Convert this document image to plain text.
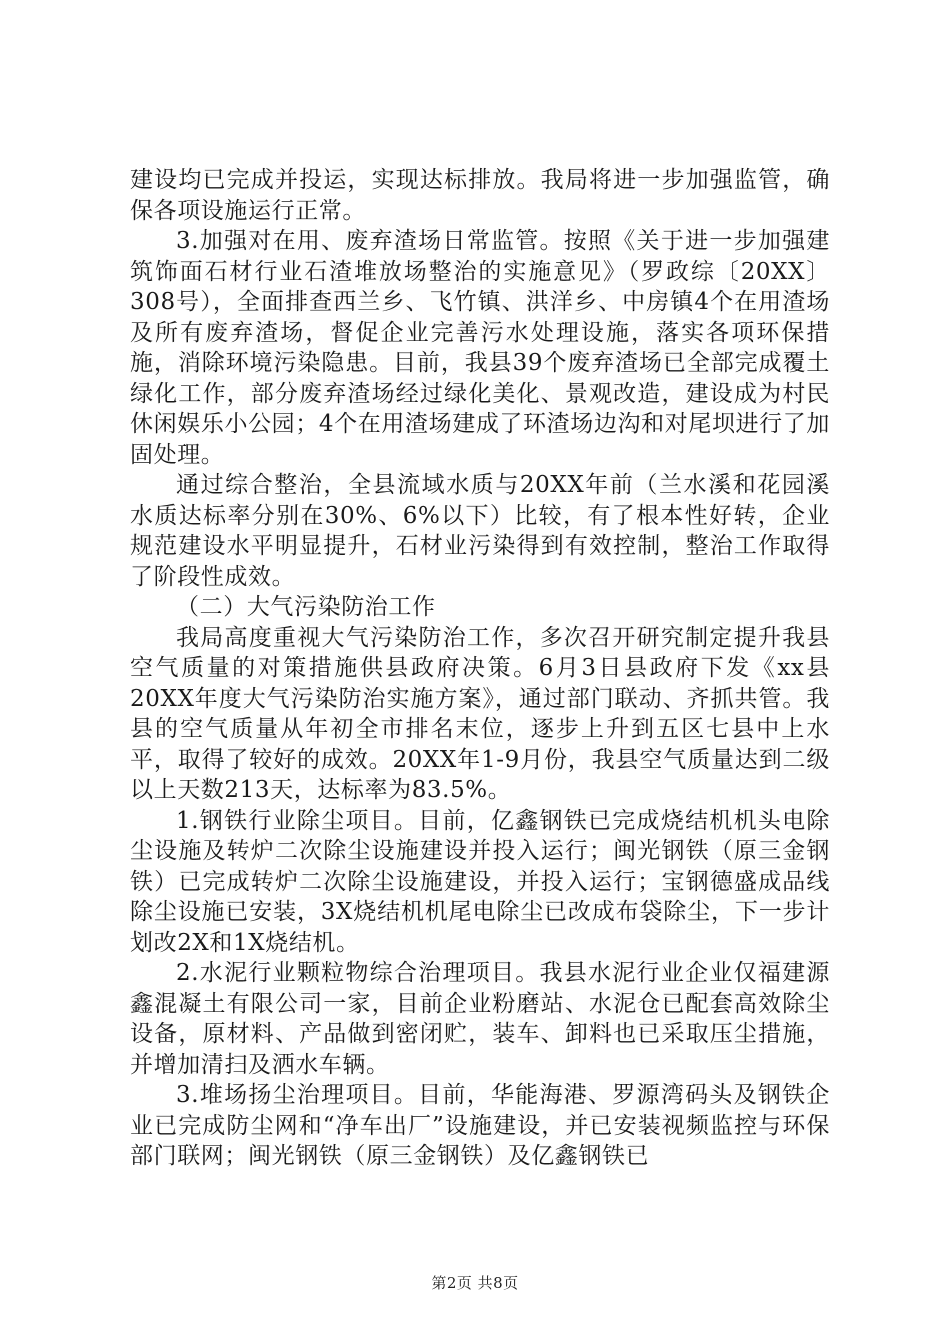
建设均已完成并投运，实现达标排放。我局将进一步加强监管，确保各项设施运行正常。

3.加强对在用、废弃渣场日常监管。按照《关于进一步加强建筑饰面石材行业石渣堆放场整治的实施意见》（罗政综〔20XX〕308号），全面排查西兰乡、飞竹镇、洪洋乡、中房镇4个在用渣场及所有废弃渣场，督促企业完善污水处理设施，落实各项环保措施，消除环境污染隐患。目前，我县39个废弃渣场已全部完成覆土绿化工作，部分废弃渣场经过绿化美化、景观改造，建设成为村民休闲娱乐小公园；4个在用渣场建成了环渣场边沟和对尾坝进行了加固处理。

通过综合整治，全县流域水质与20XX年前（兰水溪和花园溪水质达标率分别在30%、6%以下）比较，有了根本性好转，企业规范建设水平明显提升，石材业污染得到有效控制，整治工作取得了阶段性成效。

（二）大气污染防治工作

我局高度重视大气污染防治工作，多次召开研究制定提升我县空气质量的对策措施供县政府决策。6月3日县政府下发《xx县20XX年度大气污染防治实施方案》，通过部门联动、齐抓共管。我县的空气质量从年初全市排名末位，逐步上升到五区七县中上水平，取得了较好的成效。20XX年1-9月份，我县空气质量达到二级以上天数213天，达标率为83.5%。

1.钢铁行业除尘项目。目前，亿鑫钢铁已完成烧结机机头电除尘设施及转炉二次除尘设施建设并投入运行；闽光钢铁（原三金钢铁）已完成转炉二次除尘设施建设，并投入运行；宝钢德盛成品线除尘设施已安装，3X烧结机机尾电除尘已改成布袋除尘，下一步计划改2X和1X烧结机。

2.水泥行业颗粒物综合治理项目。我县水泥行业企业仅福建源鑫混凝土有限公司一家，目前企业粉磨站、水泥仓已配套高效除尘设备，原材料、产品做到密闭贮，装车、卸料也已采取压尘措施，并增加清扫及洒水车辆。

3.堆场扬尘治理项目。目前，华能海港、罗源湾码头及钢铁企业已完成防尘网和“净车出厂”设施建设，并已安装视频监控与环保部门联网；闽光钢铁（原三金钢铁）及亿鑫钢铁已

第2页 共8页
